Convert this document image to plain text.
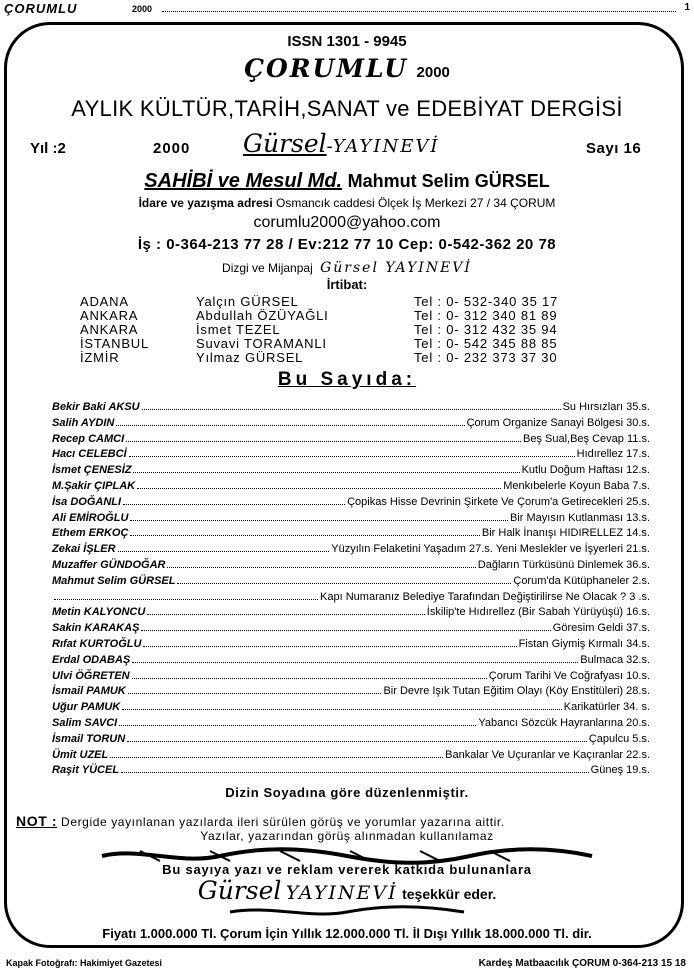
ÇORUMLU	2000	1
ISSN 1301 - 9945
ÇORUMLU 2000
AYLIK KÜLTÜR,TARİH,SANAT ve EDEBİYAT DERGİSİ
Yıl :2	2000 Gürsel-YAYINEVİ	Sayı 16
SAHİBİ ve Mesul Md. Mahmut Selim GÜRSEL
İdare ve yazışma adresi Osmancık caddesi Ölçek İş Merkezi 27 / 34 ÇORUM
corumlu2000@yahoo.com
İş : 0-364-213 77 28 / Ev:212 77 10 Cep: 0-542-362 20 78
Dizgi ve Mijanpaj Gürsel YAYINEVİ
İrtibat:
ADANA	Yalçın GÜRSEL	Tel : 0- 532-340 35 17
ANKARA	Abdullah ÖZÜYAĞLI	Tel : 0- 312 340 81 89
ANKARA	İsmet TEZEL	Tel : 0- 312 432 35 94
İSTANBUL	Suvavi TORAMANLI	Tel : 0- 542 345 88 85
İZMİR	Yılmaz GÜRSEL	Tel : 0- 232 373 37 30
Bu Sayıda:
Bekir Baki AKSU	Su Hırsızları 35.s.
Salih AYDIN	Çorum Organize Sanayi Bölgesi 30.s.
Recep CAMCI	Beş Sual,Beş Cevap 11.s.
Hacı CELEBCİ	Hıdırellez 17.s.
İsmet ÇENESİZ	Kutlu Doğum Haftası 12.s.
M.Şakir ÇIPLAK	Menkıbelerle Koyun Baba 7.s.
İsa DOĞANLI	Çopikas Hisse Devrinin Şirkete Ve Çorum'a Getirecekleri 25.s.
Ali EMİROĞLU	Bir Mayısın Kutlanması 13.s.
Ethem ERKOÇ	Bir Halk İnanışı HIDIRELLEZ 14.s.
Zekai İŞLER	Yüzyılın Felaketini Yaşadım 27.s. Yeni Meslekler ve İşyerleri 21.s.
Muzaffer GÜNDOĞAR	Dağların Türküsünü Dinlemek 36.s.
Mahmut Selim GÜRSEL	Çorum'da Kütüphaneler 2.s.
Kapı Numaranız Belediye Tarafından Değiştirilirse Ne Olacak ? 3 .s.
Metin KALYONCU	İskilip'te Hıdırellez (Bir Sabah Yürüyüşü) 16.s.
Sakin KARAKAŞ	Göresim Geldi 37.s.
Rıfat KURTOĞLU	Fistan Giymiş Kırmalı 34.s.
Erdal ODABAŞ	Bulmaca 32.s.
Ulvi ÖĞRETEN	Çorum Tarihi Ve Coğrafyası 10.s.
İsmail PAMUK	Bir Devre Işık Tutan Eğitim Olayı (Köy Enstitüleri) 28.s.
Uğur PAMUK	Karikatürler 34. s.
Salim SAVCI	Yabancı Sözcük Hayranlarına 20.s.
İsmail TORUN	Çapulcu 5.s.
Ümit UZEL	Bankalar Ve Uçuranlar ve Kaçıranlar 22.s.
Raşit YÜCEL	Güneş 19.s.
Dizin Soyadına göre düzenlenmiştir.
NOT : Dergide yayınlanan yazılarda ileri sürülen görüş ve yorumlar yazarına aittir.
Yazılar, yazarından görüş alınmadan kullanılamaz
Bu sayıya yazı ve reklam vererek katkıda bulunanlara
Gürsel YAYINEVİ teşekkür eder.
Fiyatı 1.000.000 Tl. Çorum İçin Yıllık 12.000.000 Tl. İl Dışı Yıllık 18.000.000 Tl. dir.
Kapak Fotoğrafı: Hakimiyet Gazetesi	Kardeş Matbaacılık ÇORUM 0-364-213 15 18
